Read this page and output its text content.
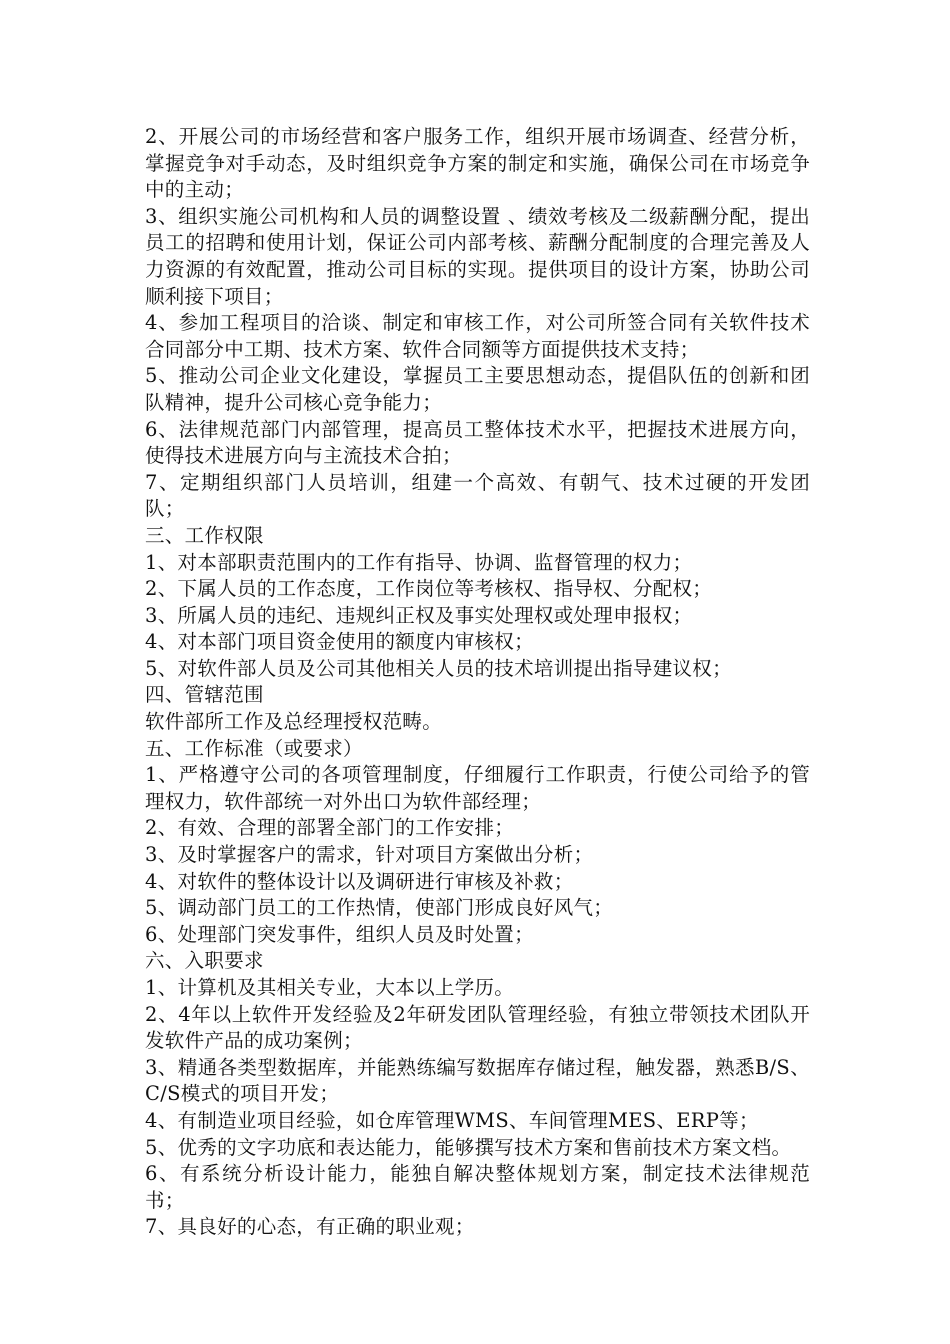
2、开展公司的市场经营和客户服务工作，组织开展市场调查、经营分析，掌握竞争对手动态，及时组织竞争方案的制定和实施，确保公司在市场竞争中的主动；

3、组织实施公司机构和人员的调整设置 、绩效考核及二级薪酬分配，提出员工的招聘和使用计划，保证公司内部考核、薪酬分配制度的合理完善及人力资源的有效配置，推动公司目标的实现。提供项目的设计方案，协助公司顺利接下项目；

4、参加工程项目的洽谈、制定和审核工作，对公司所签合同有关软件技术合同部分中工期、技术方案、软件合同额等方面提供技术支持；

5、推动公司企业文化建设，掌握员工主要思想动态，提倡队伍的创新和团队精神，提升公司核心竞争能力；

6、法律规范部门内部管理，提高员工整体技术水平，把握技术进展方向，使得技术进展方向与主流技术合拍；

7、定期组织部门人员培训，组建一个高效、有朝气、技术过硬的开发团队；

三、工作权限

1、对本部职责范围内的工作有指导、协调、监督管理的权力；

2、下属人员的工作态度，工作岗位等考核权、指导权、分配权；

3、所属人员的违纪、违规纠正权及事实处理权或处理申报权；

4、对本部门项目资金使用的额度内审核权；

5、对软件部人员及公司其他相关人员的技术培训提出指导建议权；

四、管辖范围

软件部所工作及总经理授权范畴。

五、工作标准（或要求）

1、严格遵守公司的各项管理制度，仔细履行工作职责，行使公司给予的管理权力，软件部统一对外出口为软件部经理；

2、有效、合理的部署全部门的工作安排；

3、及时掌握客户的需求，针对项目方案做出分析；

4、对软件的整体设计以及调研进行审核及补救；

5、调动部门员工的工作热情，使部门形成良好风气；

6、处理部门突发事件，组织人员及时处置；

六、入职要求

1、计算机及其相关专业，大本以上学历。

2、4年以上软件开发经验及2年研发团队管理经验，有独立带领技术团队开发软件产品的成功案例；

3、精通各类型数据库，并能熟练编写数据库存储过程，触发器，熟悉B/S、C/S模式的项目开发；

4、有制造业项目经验，如仓库管理WMS、车间管理MES、ERP等；

5、优秀的文字功底和表达能力，能够撰写技术方案和售前技术方案文档。

6、有系统分析设计能力，能独自解决整体规划方案，制定技术法律规范书；

7、具良好的心态，有正确的职业观；
